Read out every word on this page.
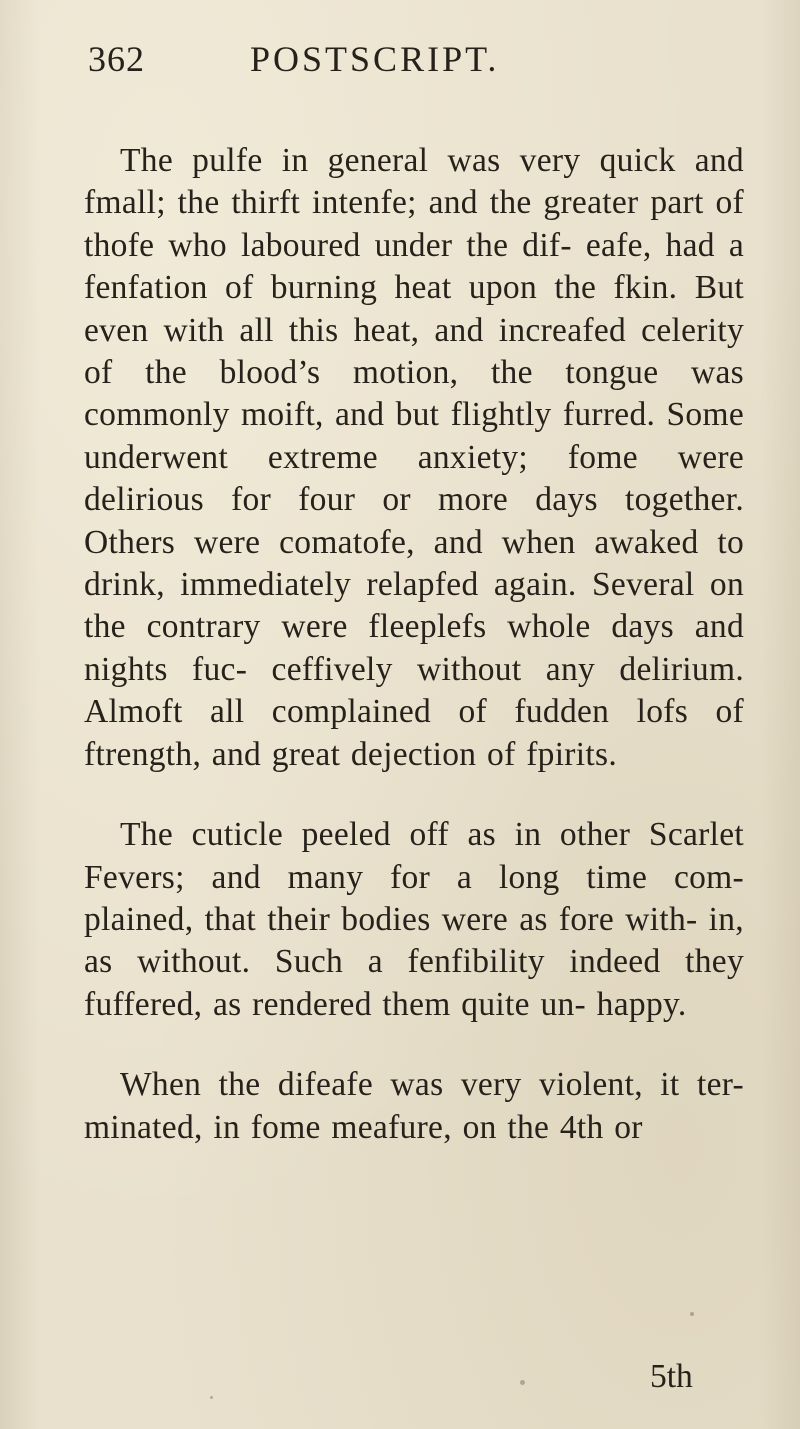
362	POSTSCRIPT.

The pulfe in general was very quick and fmall; the thirft intenfe; and the greater part of thofe who laboured under the dif- eafe, had a fenfation of burning heat upon the fkin. But even with all this heat, and increafed celerity of the blood’s motion, the tongue was commonly moift, and but flightly furred. Some underwent extreme anxiety; fome were delirious for four or more days together. Others were comatofe, and when awaked to drink, immediately relapfed again. Several on the contrary were fleeplefs whole days and nights fuc- ceffively without any delirium. Almoft all complained of fudden lofs of ftrength, and great dejection of fpirits.

The cuticle peeled off as in other Scarlet Fevers; and many for a long time com- plained, that their bodies were as fore with- in, as without. Such a fenfibility indeed they fuffered, as rendered them quite un- happy.

When the difeafe was very violent, it ter- minated, in fome meafure, on the 4th or

5th
